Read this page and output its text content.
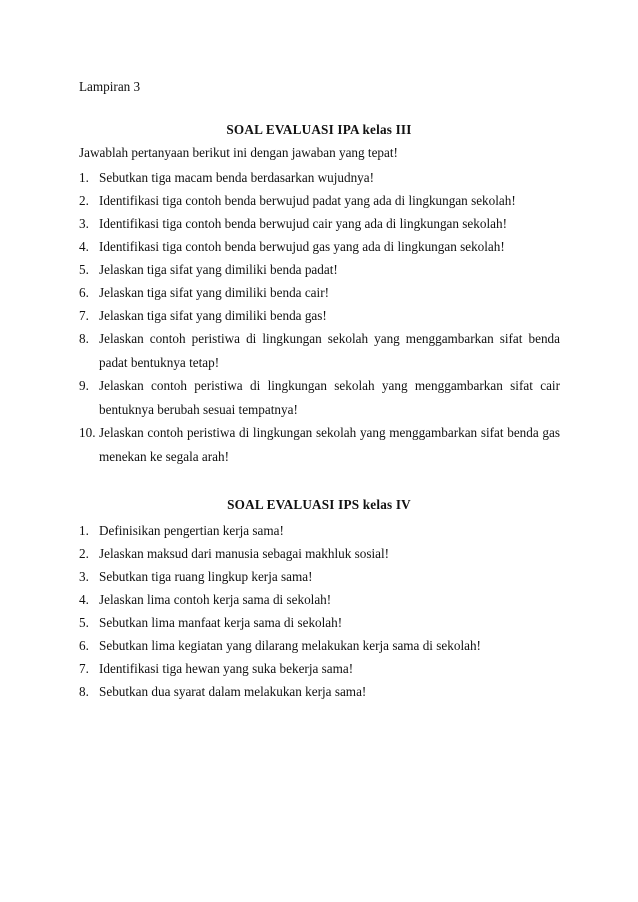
Lampiran 3
SOAL EVALUASI IPA kelas III
Jawablah pertanyaan berikut ini dengan jawaban yang tepat!
1. Sebutkan tiga macam benda berdasarkan wujudnya!
2. Identifikasi tiga contoh benda berwujud padat yang ada di lingkungan sekolah!
3. Identifikasi tiga contoh benda berwujud cair yang ada di lingkungan sekolah!
4. Identifikasi tiga contoh benda berwujud gas yang ada di lingkungan sekolah!
5. Jelaskan tiga sifat yang dimiliki benda padat!
6. Jelaskan tiga sifat yang dimiliki benda cair!
7. Jelaskan tiga sifat yang dimiliki benda gas!
8. Jelaskan contoh peristiwa di lingkungan sekolah yang menggambarkan sifat benda padat bentuknya tetap!
9. Jelaskan contoh peristiwa di lingkungan sekolah yang menggambarkan sifat cair bentuknya berubah sesuai tempatnya!
10. Jelaskan contoh peristiwa di lingkungan sekolah yang menggambarkan sifat benda gas menekan ke segala arah!
SOAL EVALUASI IPS kelas IV
1. Definisikan pengertian kerja sama!
2. Jelaskan maksud dari manusia sebagai makhluk sosial!
3. Sebutkan tiga ruang lingkup kerja sama!
4. Jelaskan lima contoh kerja sama di sekolah!
5. Sebutkan lima manfaat kerja sama di sekolah!
6. Sebutkan lima kegiatan yang dilarang melakukan kerja sama di sekolah!
7. Identifikasi tiga hewan yang suka bekerja sama!
8. Sebutkan dua syarat dalam melakukan kerja sama!
